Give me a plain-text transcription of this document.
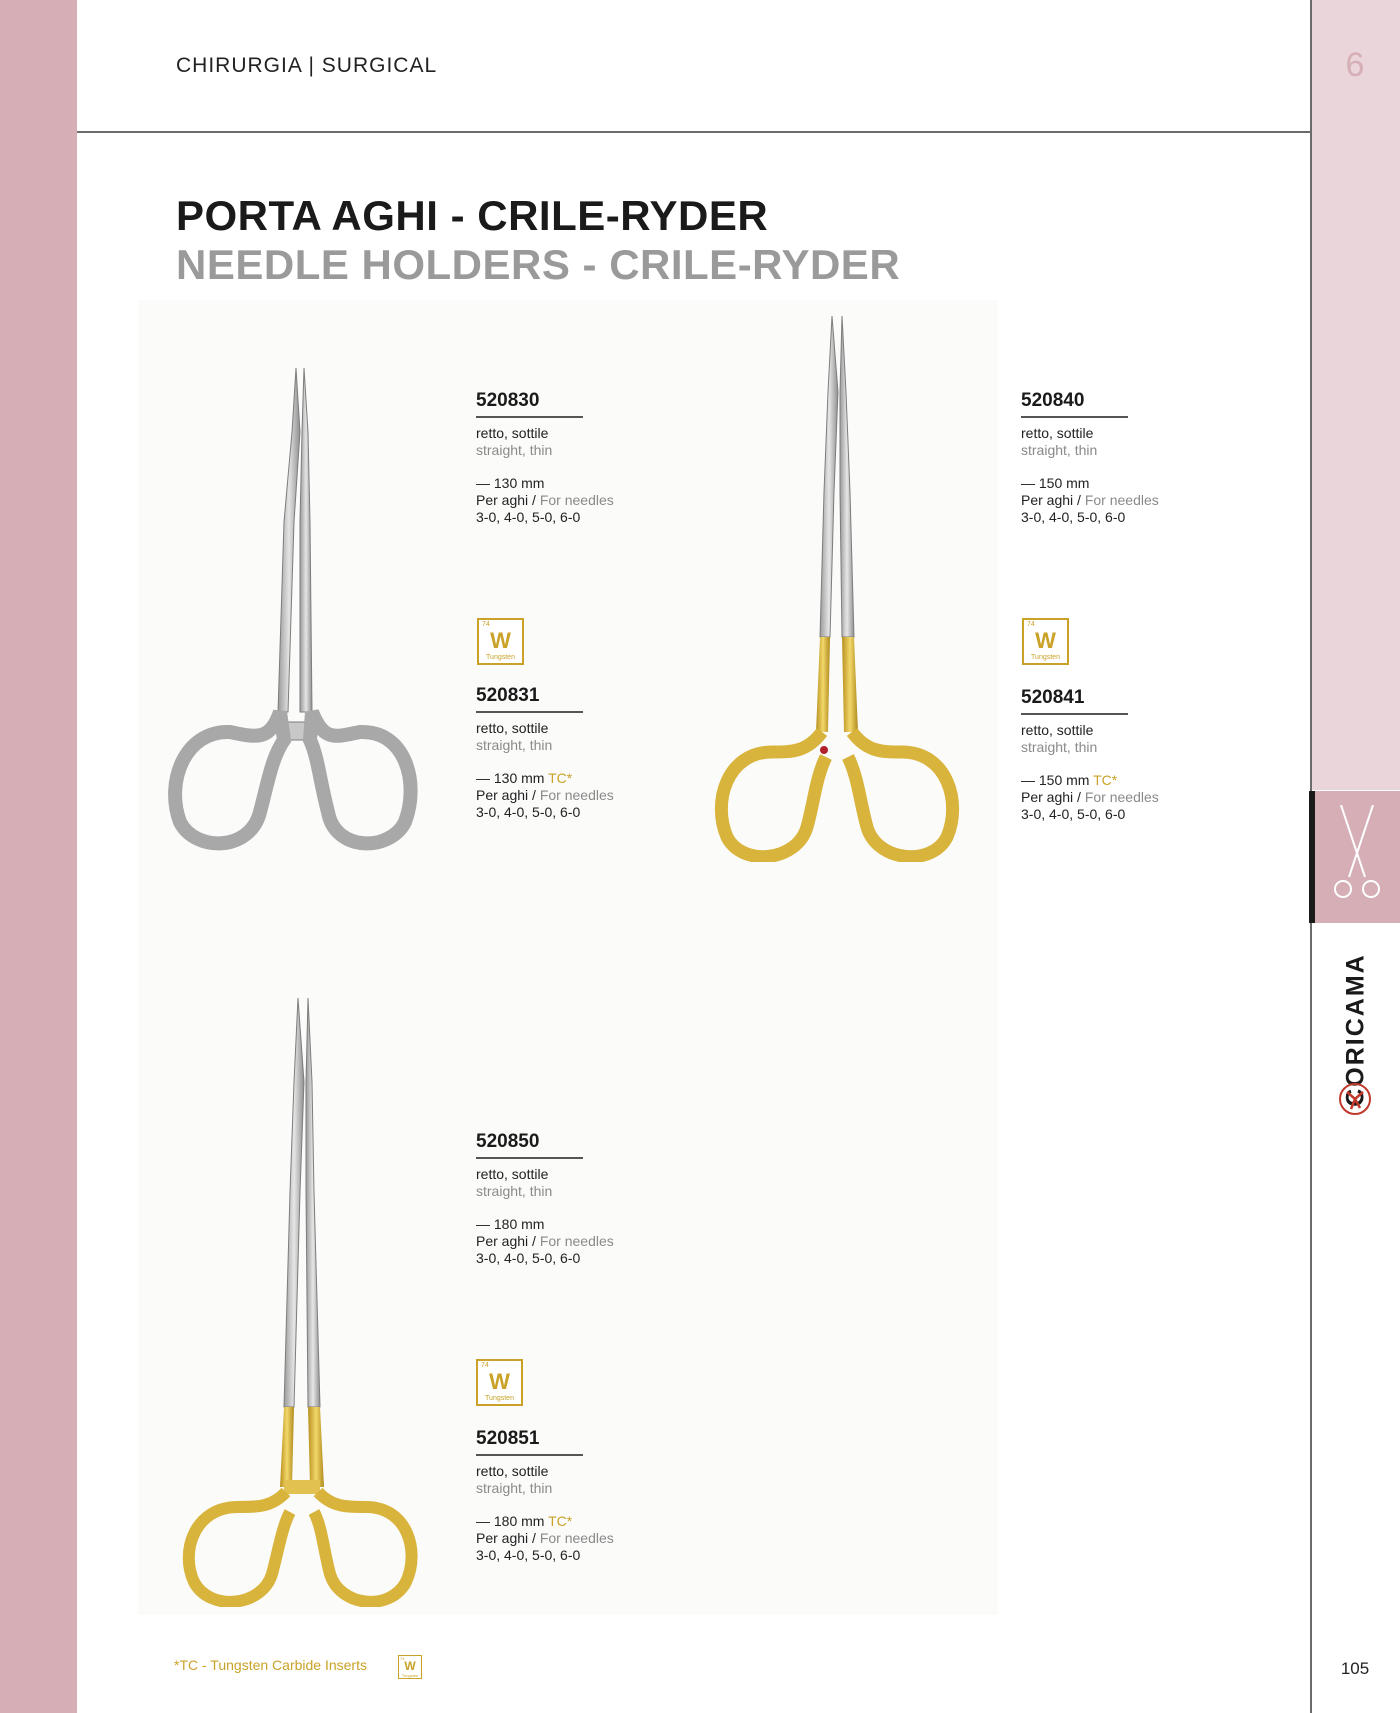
CHIRURGIA | SURGICAL	6
CORICAMA
105
PORTA AGHI - CRILE-RYDER
NEEDLE HOLDERS - CRILE-RYDER
520830
retto, sottile
straight, thin
— 130 mm
Per aghi / For needles
3-0, 4-0, 5-0, 6-0
74
W
Tungsten
520831
retto, sottile
straight, thin
— 130 mm TC*
Per aghi / For needles
3-0, 4-0, 5-0, 6-0
520840
retto, sottile
straight, thin
— 150 mm
Per aghi / For needles
3-0, 4-0, 5-0, 6-0
74
W
Tungsten
520841
retto, sottile
straight, thin
— 150 mm TC*
Per aghi / For needles
3-0, 4-0, 5-0, 6-0
520850
retto, sottile
straight, thin
— 180 mm
Per aghi / For needles
3-0, 4-0, 5-0, 6-0
74
W
Tungsten
520851
retto, sottile
straight, thin
— 180 mm TC*
Per aghi / For needles
3-0, 4-0, 5-0, 6-0
*TC - Tungsten Carbide Inserts	74
W
Tungsten
